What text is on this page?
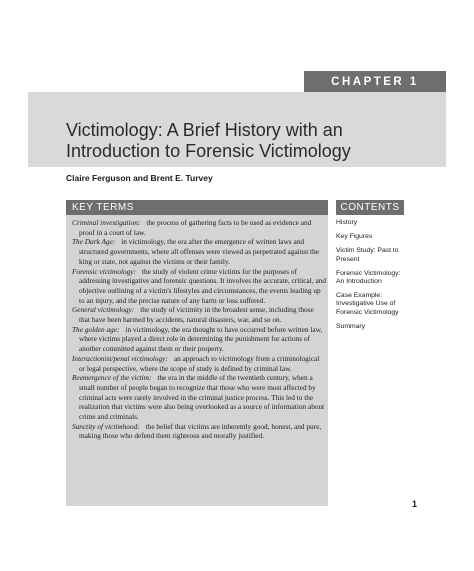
CHAPTER 1
Victimology: A Brief History with an
Introduction to Forensic Victimology
Claire Ferguson and Brent E. Turvey
KEY TERMS

Criminal investigation: the process of gathering facts to be used as evidence and proof in a court of law.

The Dark Age: in victimology, the era after the emergence of written laws and structured governments, where all offenses were viewed as perpetrated against the king or state, not against the victims or their family.

Forensic victimology: the study of violent crime victims for the purposes of addressing investigative and forensic questions. It involves the accurate, critical, and objective outlining of a victim's lifestyles and circumstances, the events leading up to an injury, and the precise nature of any harm or loss suffered.

General victimology: the study of victimity in the broadest sense, including those that have been harmed by accidents, natural disasters, war, and so on.

The golden age: in victimology, the era thought to have occurred before written law, where victims played a direct role in determining the punishment for actions of another committed against them or their property.

Interactionist/penal victimology: an approach to victimology from a criminological or legal perspective, where the scope of study is defined by criminal law.

Reemergence of the victim: the era in the middle of the twentieth century, when a small number of people began to recognize that those who were most affected by criminal acts were rarely involved in the criminal justice process. This led to the realization that victims were also being overlooked as a source of information about crime and criminals.

Sanctity of victimhood: the belief that victims are inherently good, honest, and pure, making those who defend them righteous and morally justified.

CONTENTS
History
Key Figures
Victim Study: Past to Present
Forensic Victimology: An Introduction
Case Example: Investigative Use of Forensic Victimology
Summary
1
